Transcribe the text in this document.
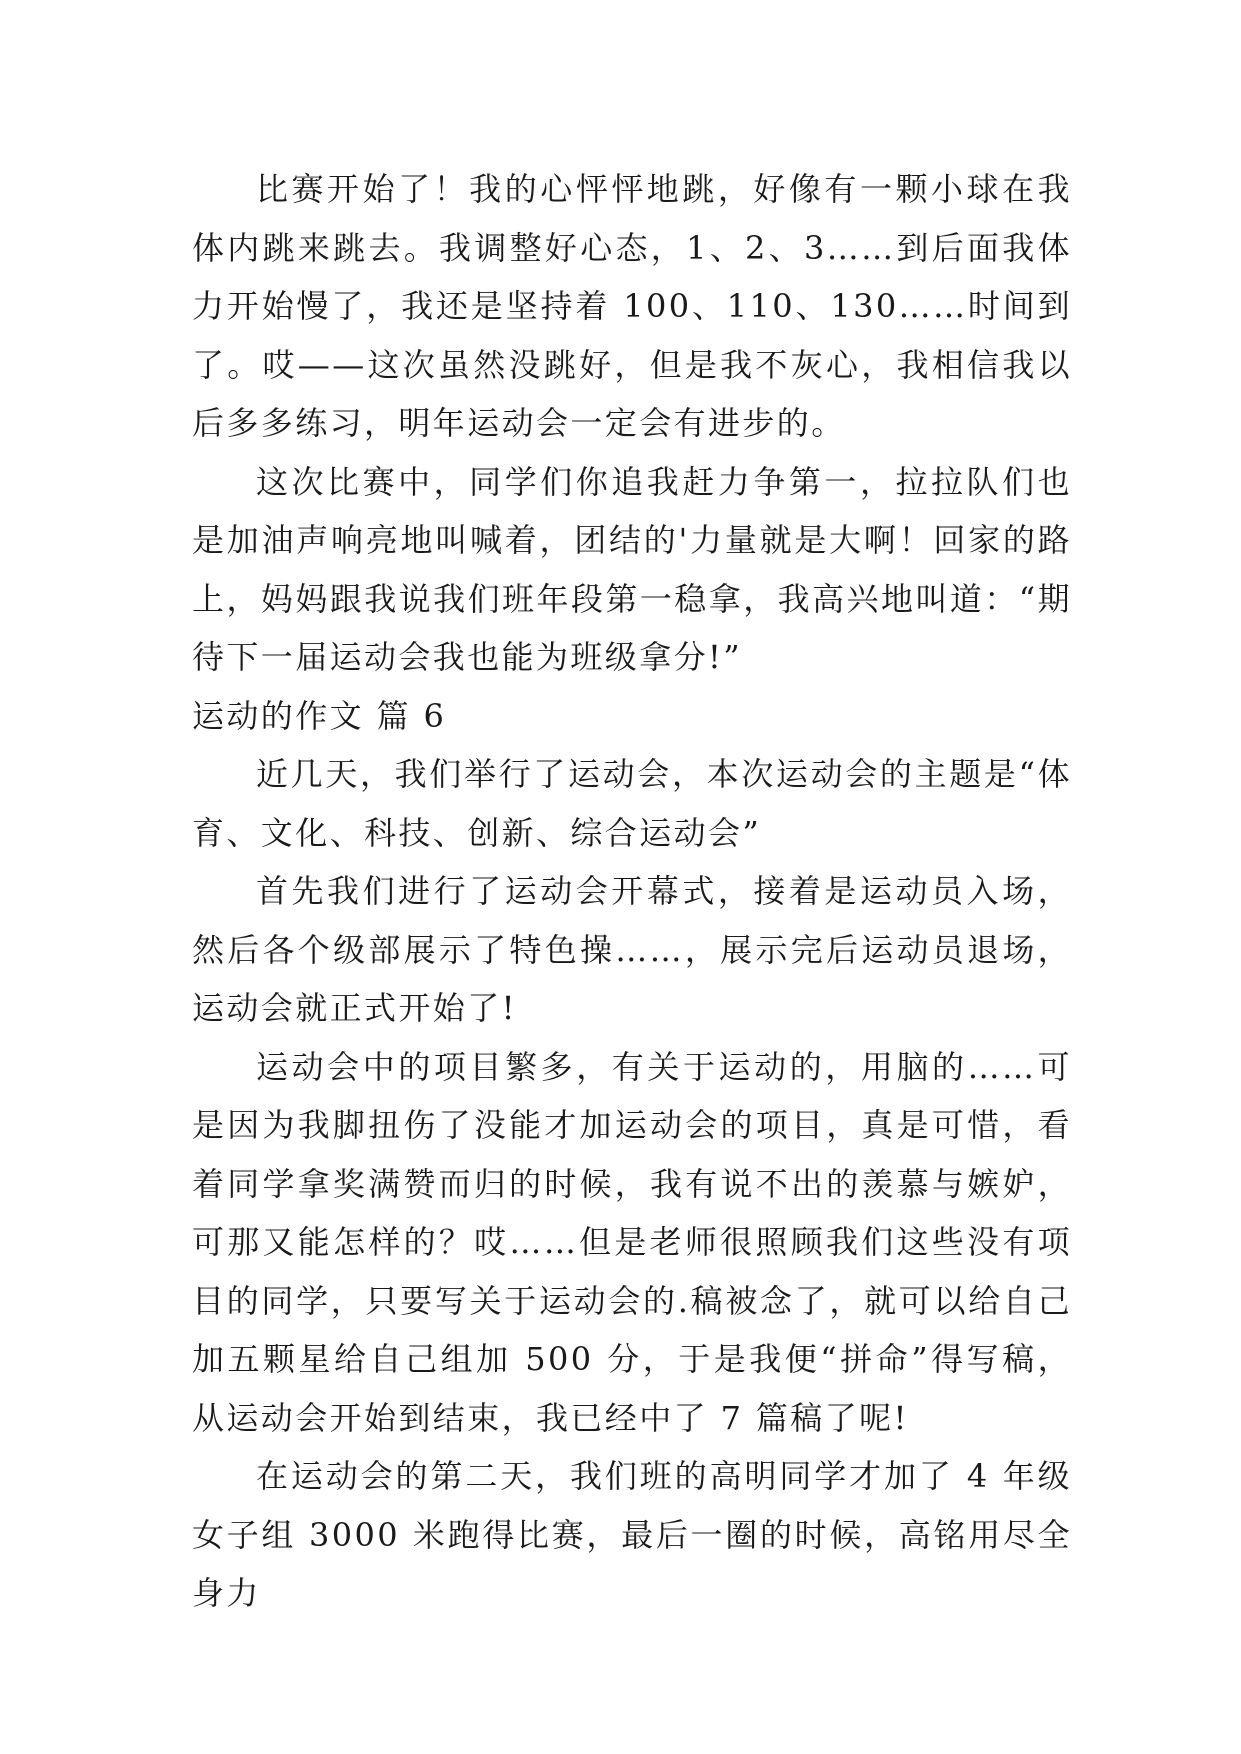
比赛开始了！我的心怦怦地跳，好像有一颗小球在我体内跳来跳去。我调整好心态，1、2、3……到后面我体力开始慢了，我还是坚持着 100、110、130……时间到了。哎——这次虽然没跳好，但是我不灰心，我相信我以后多多练习，明年运动会一定会有进步的。

这次比赛中，同学们你追我赶力争第一，拉拉队们也是加油声响亮地叫喊着，团结的'力量就是大啊！回家的路上，妈妈跟我说我们班年段第一稳拿，我高兴地叫道：“期待下一届运动会我也能为班级拿分!”

运动的作文 篇 6

近几天，我们举行了运动会，本次运动会的主题是“体育、文化、科技、创新、综合运动会”

首先我们进行了运动会开幕式，接着是运动员入场，然后各个级部展示了特色操……，展示完后运动员退场，运动会就正式开始了!

运动会中的项目繁多，有关于运动的，用脑的……可是因为我脚扭伤了没能才加运动会的项目，真是可惜，看着同学拿奖满赞而归的时候，我有说不出的羡慕与嫉妒，可那又能怎样的？哎……但是老师很照顾我们这些没有项目的同学，只要写关于运动会的.稿被念了，就可以给自己加五颗星给自己组加 500 分，于是我便“拼命”得写稿，从运动会开始到结束，我已经中了 7 篇稿了呢!

在运动会的第二天，我们班的高明同学才加了 4 年级女子组 3000 米跑得比赛，最后一圈的时候，高铭用尽全身力
